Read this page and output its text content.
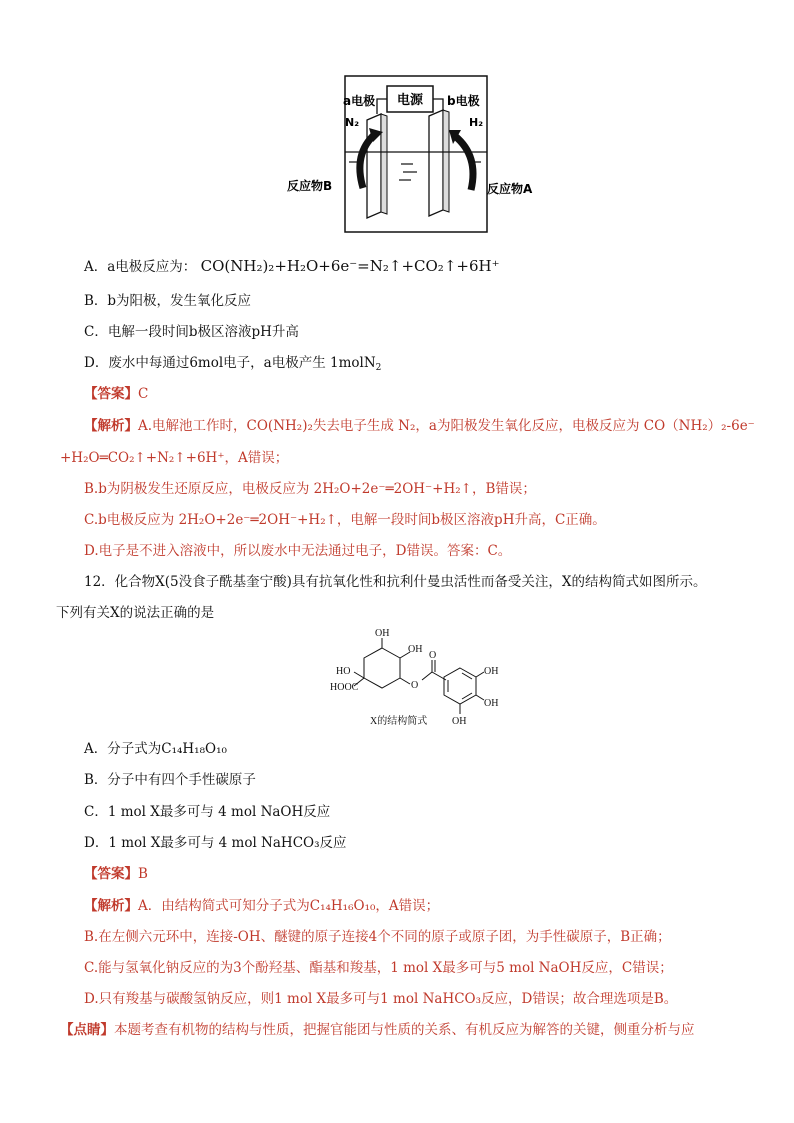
电源
a电极	b电极
N₂	H₂
反应物B	反应物A
A．a电极反应为： CO(NH₂)₂+H₂O+6e⁻=N₂↑+CO₂↑+6H⁺
B．b为阳极，发生氧化反应
C．电解一段时间b极区溶液pH升高
D．废水中每通过6mol电子，a电极产生 1molN$_2$
【答案】C
【解析】A.电解池工作时，CO(NH₂)₂失去电子生成 N₂，a为阳极发生氧化反应，电极反应为 CO（NH₂）₂-6e⁻
+H₂O═CO₂↑+N₂↑+6H⁺，A错误；
B.b为阴极发生还原反应，电极反应为 2H₂O+2e⁻═2OH⁻+H₂↑，B错误；
C.b电极反应为 2H₂O+2e⁻═2OH⁻+H₂↑，电解一段时间b极区溶液pH升高，C正确。
D.电子是不进入溶液中，所以废水中无法通过电子，D错误。答案：C。
12．化合物X(5没食子酰基奎宁酸)具有抗氧化性和抗利什曼虫活性而备受关注，X的结构简式如图所示。
下列有关X的说法正确的是
OH
HO
HOOC
OH
O
O
OH
OH
OH
X的结构简式
A．分子式为C₁₄H₁₈O₁₀
B．分子中有四个手性碳原子
C．1 mol X最多可与 4 mol NaOH反应
D．1 mol X最多可与 4 mol NaHCO₃反应
【答案】B
【解析】A．由结构简式可知分子式为C₁₄H₁₆O₁₀，A错误；
B.在左侧六元环中，连接-OH、醚键的原子连接4个不同的原子或原子团，为手性碳原子，B正确；
C.能与氢氧化钠反应的为3个酚羟基、酯基和羧基，1 mol X最多可与5 mol NaOH反应，C错误；
D.只有羧基与碳酸氢钠反应，则1 mol X最多可与1 mol NaHCO₃反应，D错误；故合理选项是B。
【点睛】本题考查有机物的结构与性质，把握官能团与性质的关系、有机反应为解答的关键，侧重分析与应
